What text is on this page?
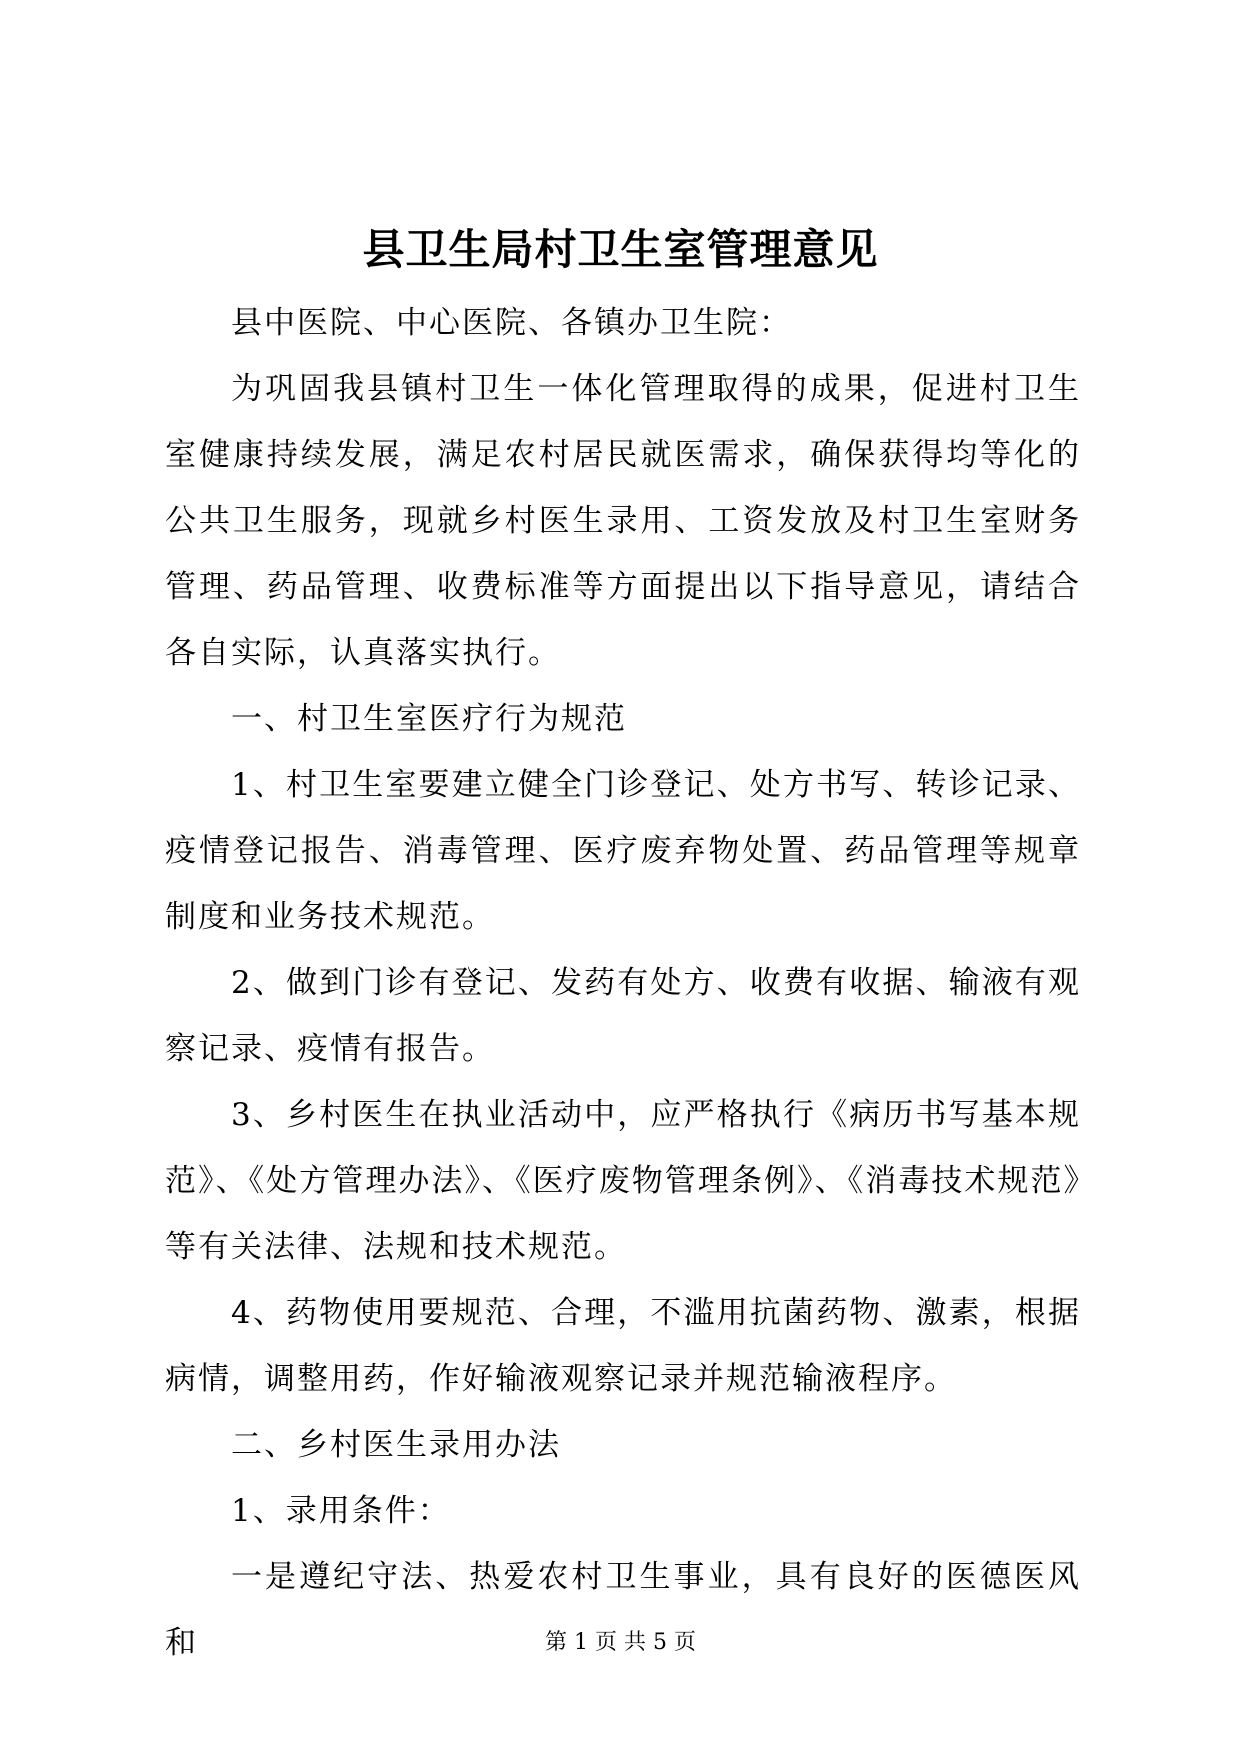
县卫生局村卫生室管理意见

县中医院、中心医院、各镇办卫生院：

为巩固我县镇村卫生一体化管理取得的成果，促进村卫生室健康持续发展，满足农村居民就医需求，确保获得均等化的公共卫生服务，现就乡村医生录用、工资发放及村卫生室财务管理、药品管理、收费标准等方面提出以下指导意见，请结合各自实际，认真落实执行。

一、村卫生室医疗行为规范

1、村卫生室要建立健全门诊登记、处方书写、转诊记录、疫情登记报告、消毒管理、医疗废弃物处置、药品管理等规章制度和业务技术规范。

2、做到门诊有登记、发药有处方、收费有收据、输液有观察记录、疫情有报告。

3、乡村医生在执业活动中，应严格执行《病历书写基本规范》、《处方管理办法》、《医疗废物管理条例》、《消毒技术规范》等有关法律、法规和技术规范。

4、药物使用要规范、合理，不滥用抗菌药物、激素，根据病情，调整用药，作好输液观察记录并规范输液程序。

二、乡村医生录用办法

1、录用条件：

一是遵纪守法、热爱农村卫生事业，具有良好的医德医风和	第 1 页 共 5 页
